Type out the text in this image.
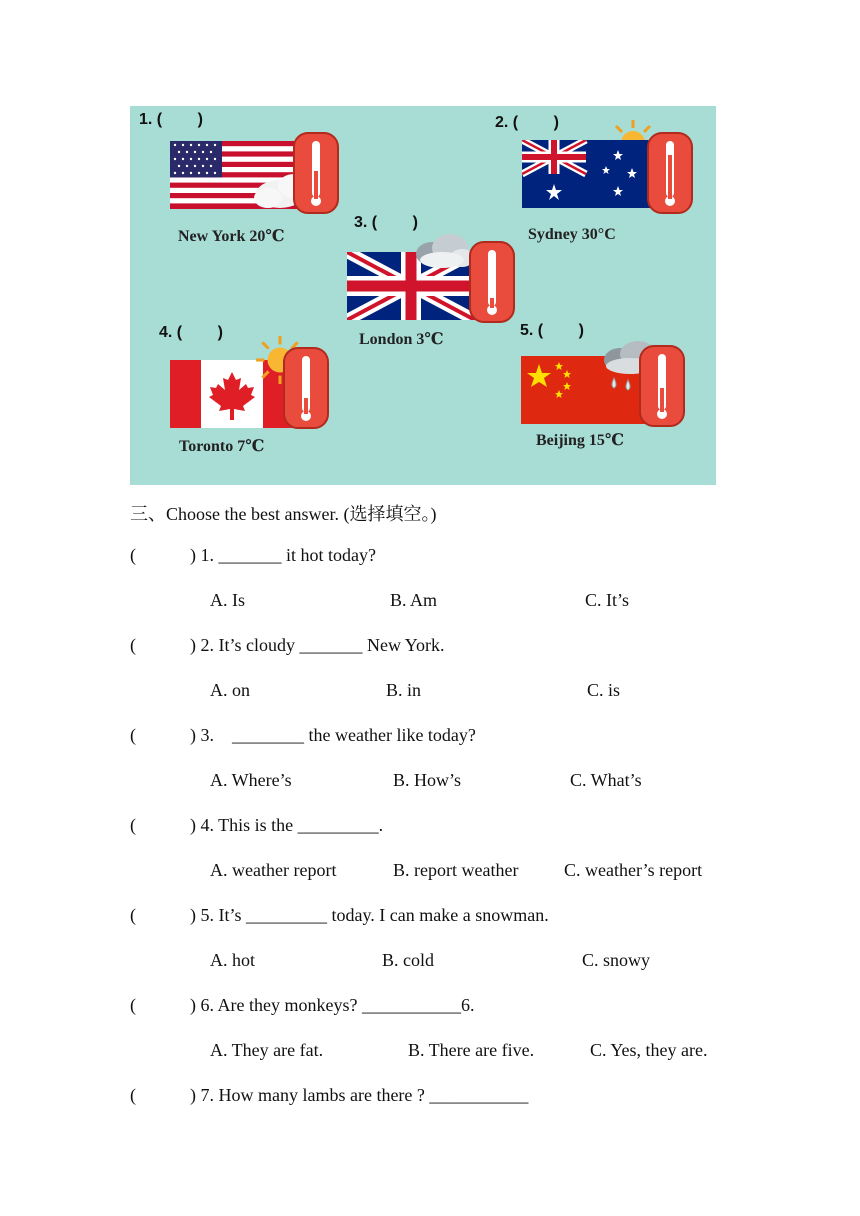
1. (        )
New York 20℃
2. (        )
Sydney 30°C
3. (        )
London 3℃
4. (        )
Toronto 7℃
5. (        )
Beijing 15℃
三、Choose the best answer. (选择填空。)
(            ) 1. _______ it hot today?
A. Is	B. Am	C. It’s
(            ) 2. It’s cloudy _______ New York.
A. on	B. in	C. is
(            ) 3.    ________ the weather like today?
A. Where’s	B. How’s	C. What’s
(            ) 4. This is the _________.
A. weather report	B. report weather	C. weather’s report
(            ) 5. It’s _________ today. I can make a snowman.
A. hot	B. cold	C. snowy
(            ) 6. Are they monkeys? ___________6.
A. They are fat.	B. There are five.	C. Yes, they are.
(            ) 7. How many lambs are there ? ___________
